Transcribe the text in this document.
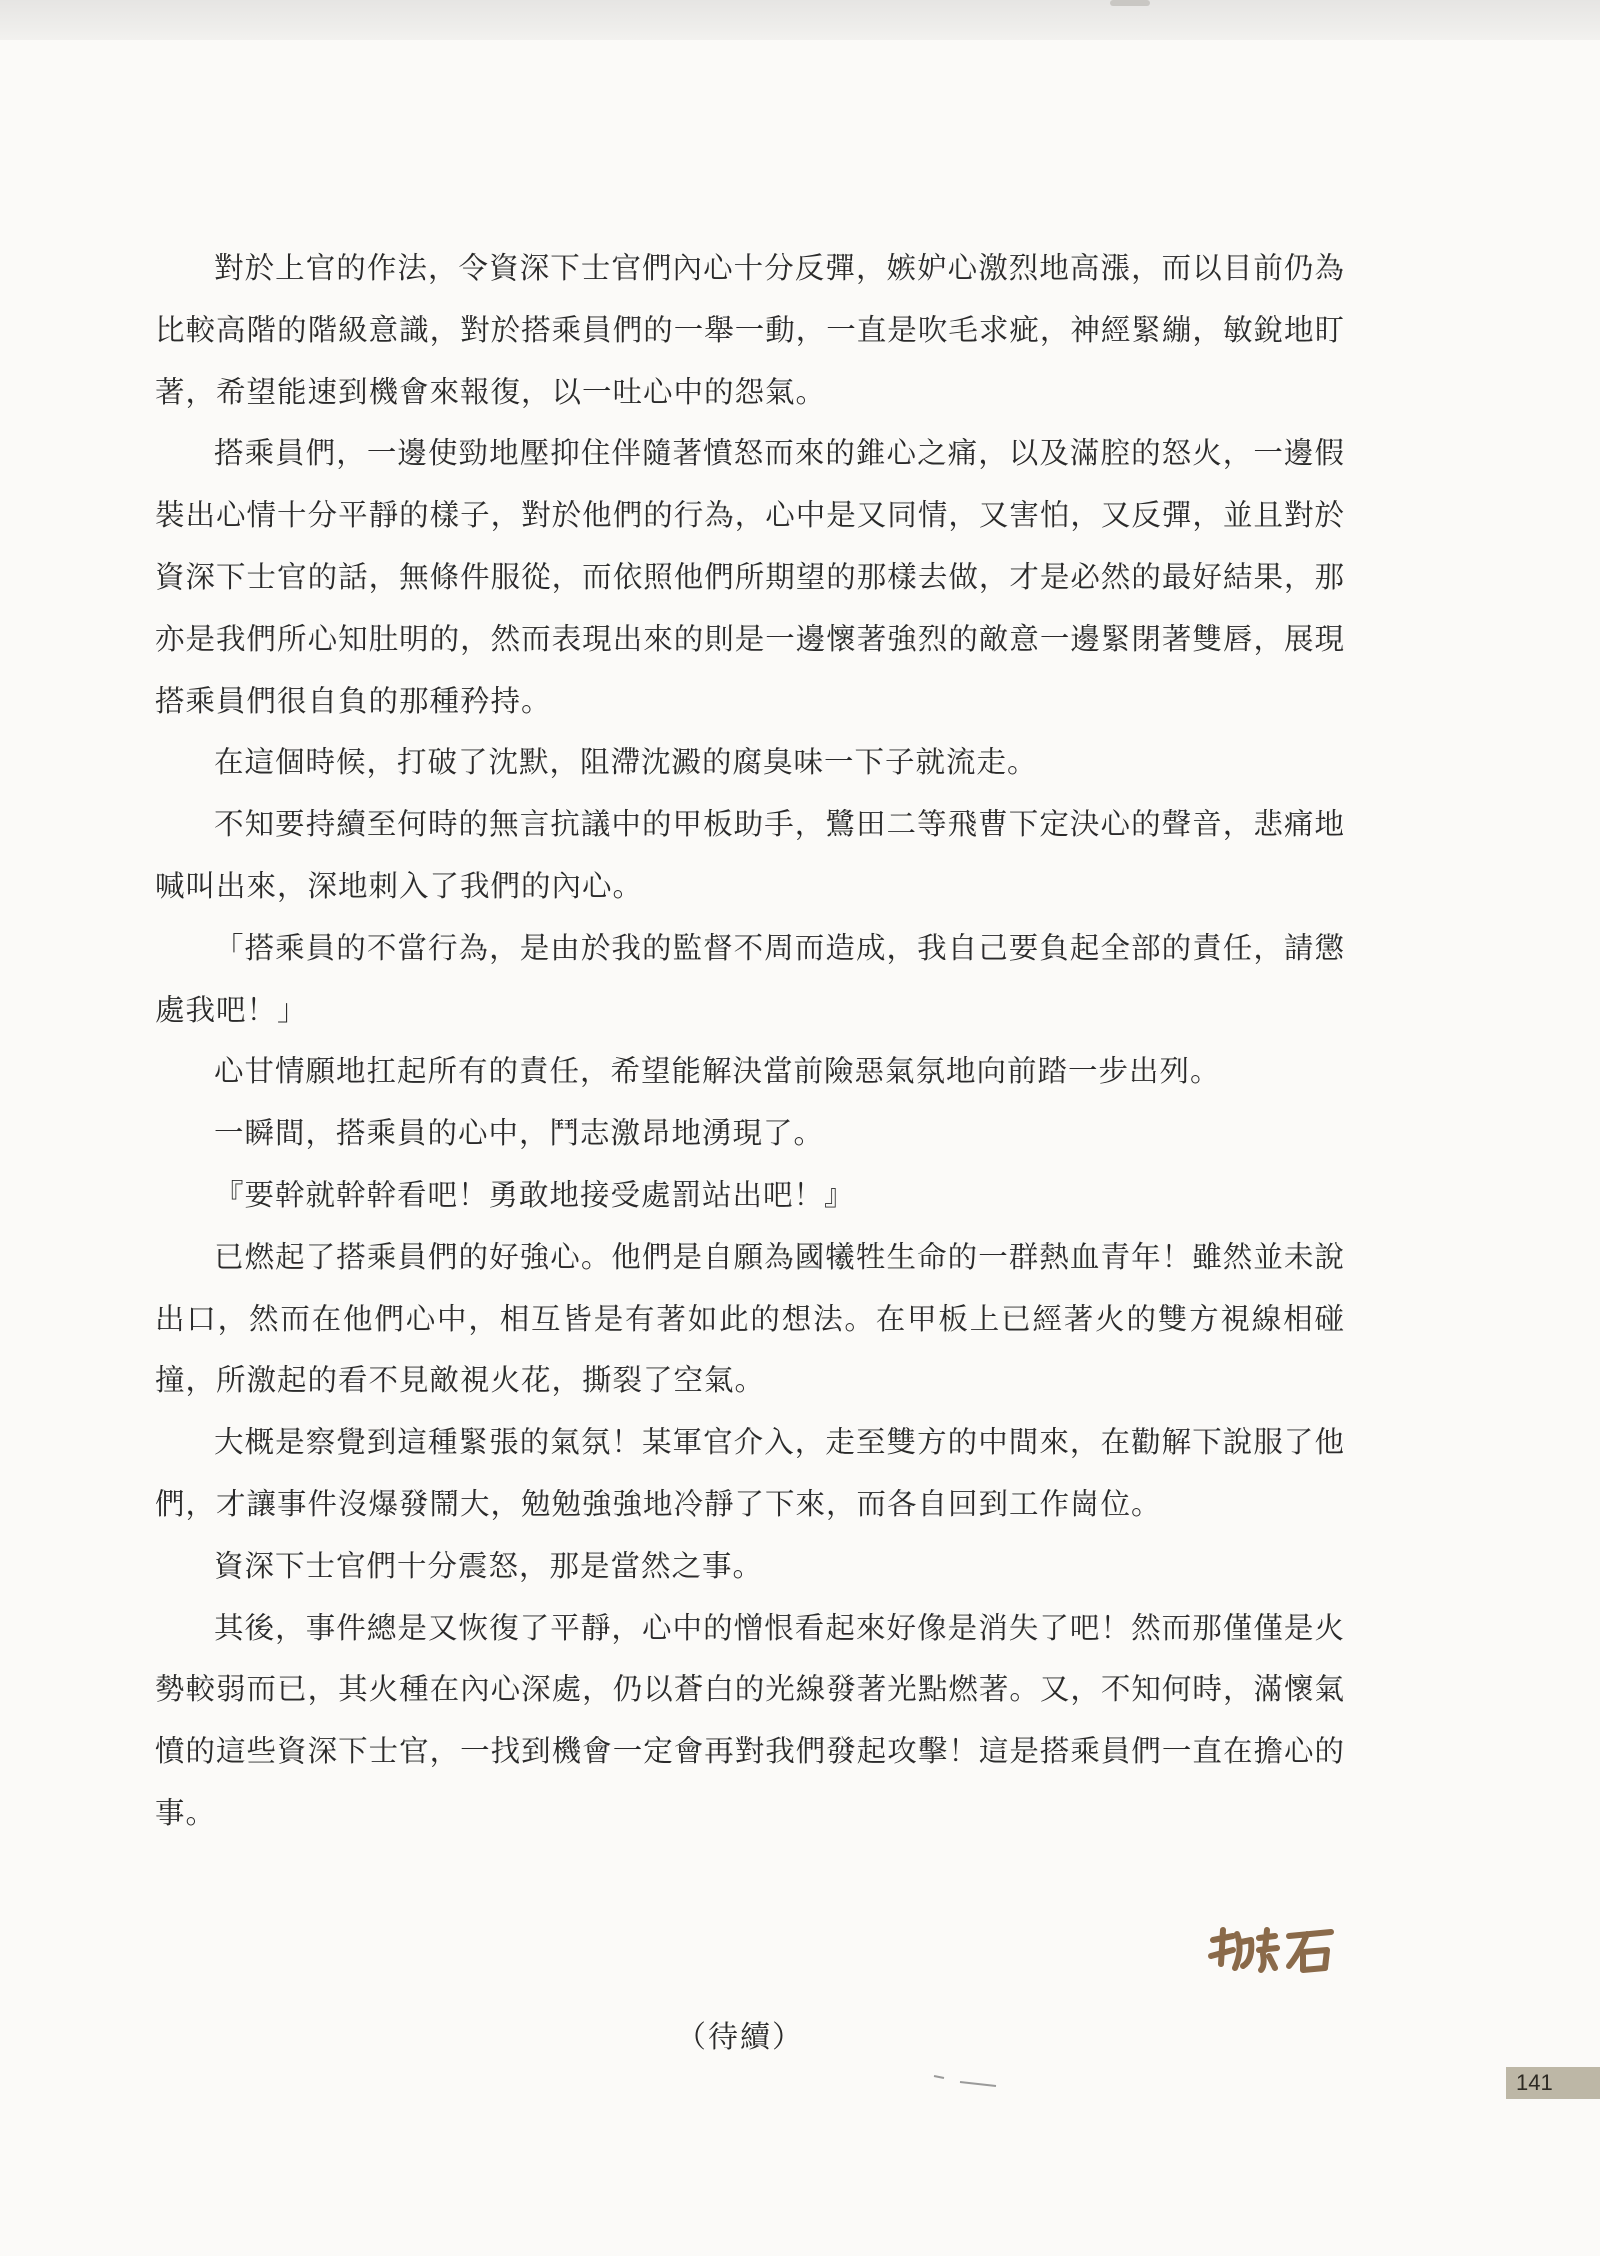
對於上官的作法，令資深下士官們內心十分反彈，嫉妒心激烈地高漲，而以目前仍為比較高階的階級意識，對於搭乘員們的一舉一動，一直是吹毛求疵，神經緊繃，敏銳地盯著，希望能速到機會來報復，以一吐心中的怨氣。

搭乘員們，一邊使勁地壓抑住伴隨著憤怒而來的錐心之痛，以及滿腔的怒火，一邊假裝出心情十分平靜的樣子，對於他們的行為，心中是又同情，又害怕，又反彈，並且對於資深下士官的話，無條件服從，而依照他們所期望的那樣去做，才是必然的最好結果，那亦是我們所心知肚明的，然而表現出來的則是一邊懷著強烈的敵意一邊緊閉著雙唇，展現搭乘員們很自負的那種矜持。

在這個時候，打破了沈默，阻滯沈澱的腐臭味一下子就流走。

不知要持續至何時的無言抗議中的甲板助手，鷺田二等飛曹下定決心的聲音，悲痛地喊叫出來，深地刺入了我們的內心。

「搭乘員的不當行為，是由於我的監督不周而造成，我自己要負起全部的責任，請懲處我吧！」

心甘情願地扛起所有的責任，希望能解決當前險惡氣氛地向前踏一步出列。

一瞬間，搭乘員的心中，鬥志激昂地湧現了。

『要幹就幹幹看吧！勇敢地接受處罰站出吧！』

已燃起了搭乘員們的好強心。他們是自願為國犧牲生命的一群熱血青年！雖然並未說出口，然而在他們心中，相互皆是有著如此的想法。在甲板上已經著火的雙方視線相碰撞，所激起的看不見敵視火花，撕裂了空氣。

大概是察覺到這種緊張的氣氛！某軍官介入，走至雙方的中間來，在勸解下說服了他們，才讓事件沒爆發鬧大，勉勉強強地冷靜了下來，而各自回到工作崗位。

資深下士官們十分震怒，那是當然之事。

其後，事件總是又恢復了平靜，心中的憎恨看起來好像是消失了吧！然而那僅僅是火勢較弱而已，其火種在內心深處，仍以蒼白的光線發著光點燃著。又，不知何時，滿懷氣憤的這些資深下士官，一找到機會一定會再對我們發起攻擊！這是搭乘員們一直在擔心的事。

（待續）
141
